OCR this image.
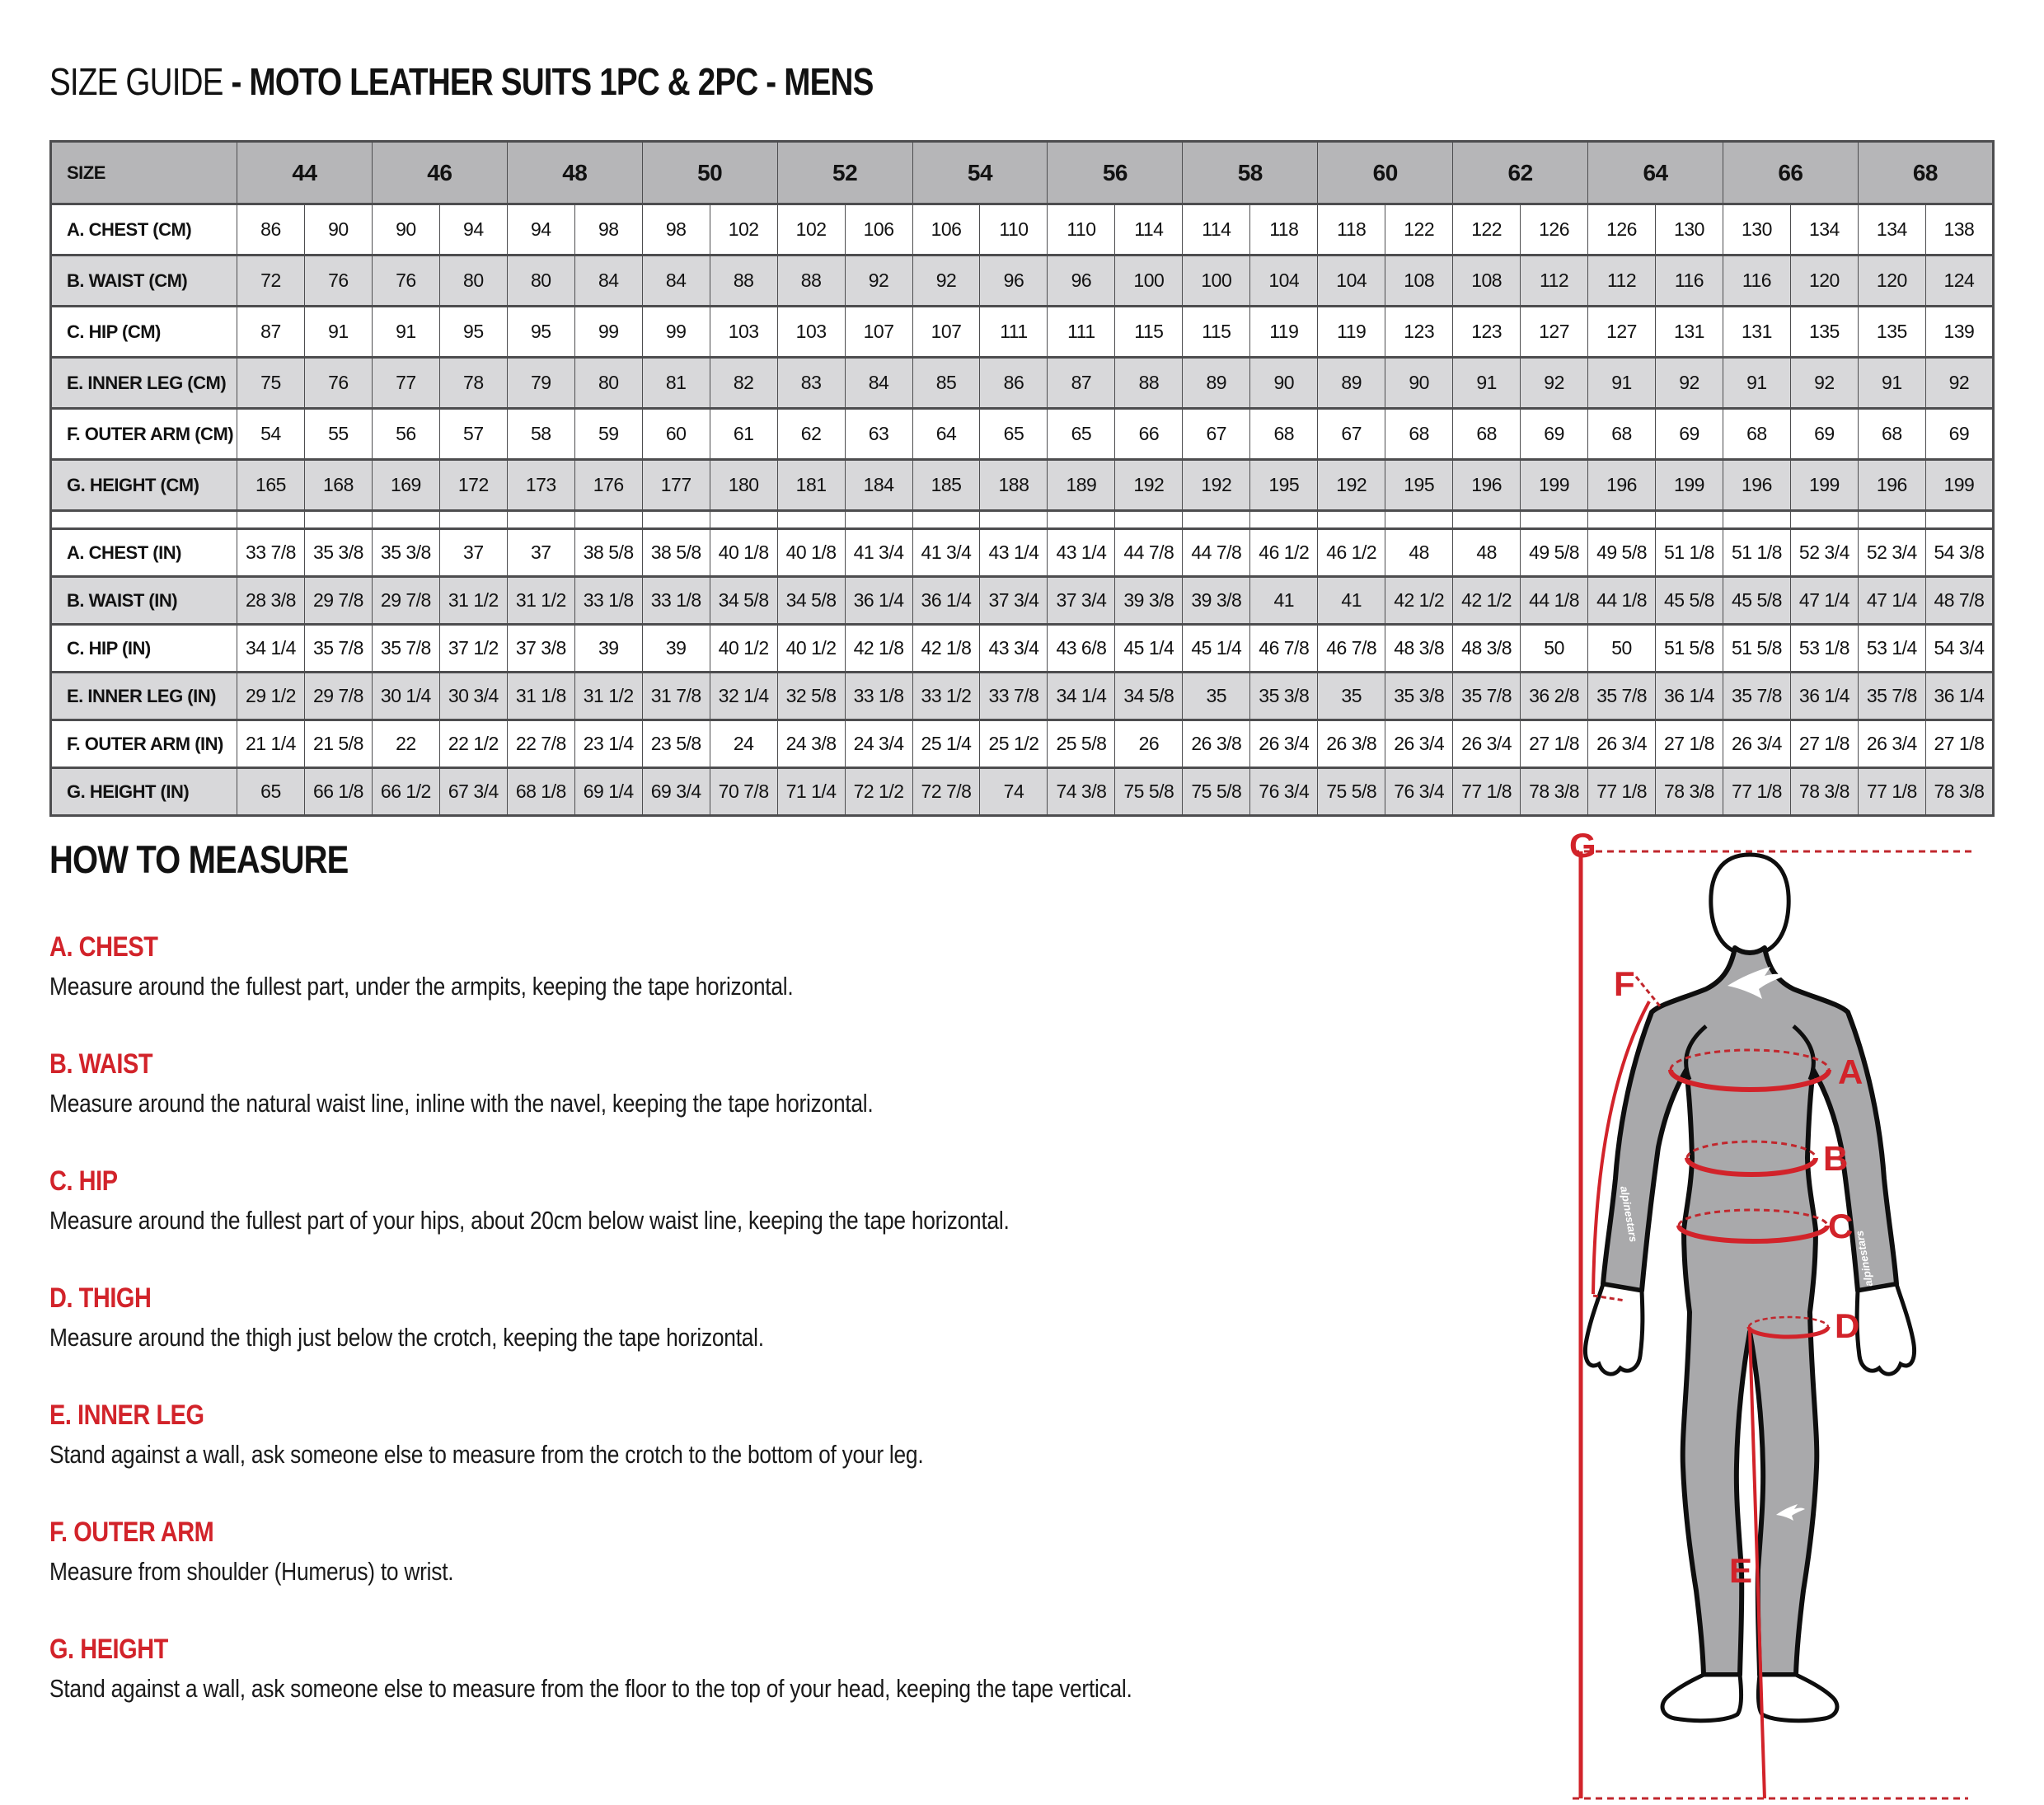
SIZE GUIDE - MOTO LEATHER SUITS 1PC & 2PC - MENS
SIZE	44		46		48		50		52		54		56		58		60		62		64		66		68	
A. CHEST (CM)	86	90	90	94	94	98	98	102	102	106	106	110	110	114	114	118	118	122	122	126	126	130	130	134	134	138
B. WAIST (CM)	72	76	76	80	80	84	84	88	88	92	92	96	96	100	100	104	104	108	108	112	112	116	116	120	120	124
C. HIP (CM)	87	91	91	95	95	99	99	103	103	107	107	111	111	115	115	119	119	123	123	127	127	131	131	135	135	139
E. INNER LEG (CM)	75	76	77	78	79	80	81	82	83	84	85	86	87	88	89	90	89	90	91	92	91	92	91	92	91	92
F. OUTER ARM (CM)	54	55	56	57	58	59	60	61	62	63	64	65	65	66	67	68	67	68	68	69	68	69	68	69	68	69
G. HEIGHT (CM)	165	168	169	172	173	176	177	180	181	184	185	188	189	192	192	195	192	195	196	199	196	199	196	199	196	199

A. CHEST (IN)	33 7/8	35 3/8	35 3/8	37	37	38 5/8	38 5/8	40 1/8	40 1/8	41 3/4	41 3/4	43 1/4	43 1/4	44 7/8	44 7/8	46 1/2	46 1/2	48	48	49 5/8	49 5/8	51 1/8	51 1/8	52 3/4	52 3/4	54 3/8
B. WAIST (IN)	28 3/8	29 7/8	29 7/8	31 1/2	31 1/2	33 1/8	33 1/8	34 5/8	34 5/8	36 1/4	36 1/4	37 3/4	37 3/4	39 3/8	39 3/8	41	41	42 1/2	42 1/2	44 1/8	44 1/8	45 5/8	45 5/8	47 1/4	47 1/4	48 7/8
C. HIP (IN)	34 1/4	35 7/8	35 7/8	37 1/2	37 3/8	39	39	40 1/2	40 1/2	42 1/8	42 1/8	43 3/4	43 6/8	45 1/4	45 1/4	46 7/8	46 7/8	48 3/8	48 3/8	50	50	51 5/8	51 5/8	53 1/8	53 1/4	54 3/4
E. INNER LEG (IN)	29 1/2	29 7/8	30 1/4	30 3/4	31 1/8	31 1/2	31 7/8	32 1/4	32 5/8	33 1/8	33 1/2	33 7/8	34 1/4	34 5/8	35	35 3/8	35	35 3/8	35 7/8	36 2/8	35 7/8	36 1/4	35 7/8	36 1/4	35 7/8	36 1/4
F. OUTER ARM (IN)	21 1/4	21 5/8	22	22 1/2	22 7/8	23 1/4	23 5/8	24	24 3/8	24 3/4	25 1/4	25 1/2	25 5/8	26	26 3/8	26 3/4	26 3/8	26 3/4	26 3/4	27 1/8	26 3/4	27 1/8	26 3/4	27 1/8	26 3/4	27 1/8
G. HEIGHT (IN)	65	66 1/8	66 1/2	67 3/4	68 1/8	69 1/4	69 3/4	70 7/8	71 1/4	72 1/2	72 7/8	74	74 3/8	75 5/8	75 5/8	76 3/4	75 5/8	76 3/4	77 1/8	78 3/8	77 1/8	78 3/8	77 1/8	78 3/8	77 1/8	78 3/8
HOW TO MEASURE
A. CHEST

Measure around the fullest part, under the armpits, keeping the tape horizontal.

B. WAIST

Measure around the natural waist line, inline with the navel, keeping the tape horizontal.

C. HIP

Measure around the fullest part of your hips, about 20cm below waist line, keeping the tape horizontal.

D. THIGH

Measure around the thigh just below the crotch, keeping the tape horizontal.

E. INNER LEG

Stand against a wall, ask someone else to measure from the crotch to the bottom of your leg.

F. OUTER ARM

Measure from shoulder (Humerus) to wrist.

G. HEIGHT

Stand against a wall, ask someone else to measure from the floor to the top of your head, keeping the tape vertical.

alpinestars
alpinestars
G
F
A
B
C
D
E
